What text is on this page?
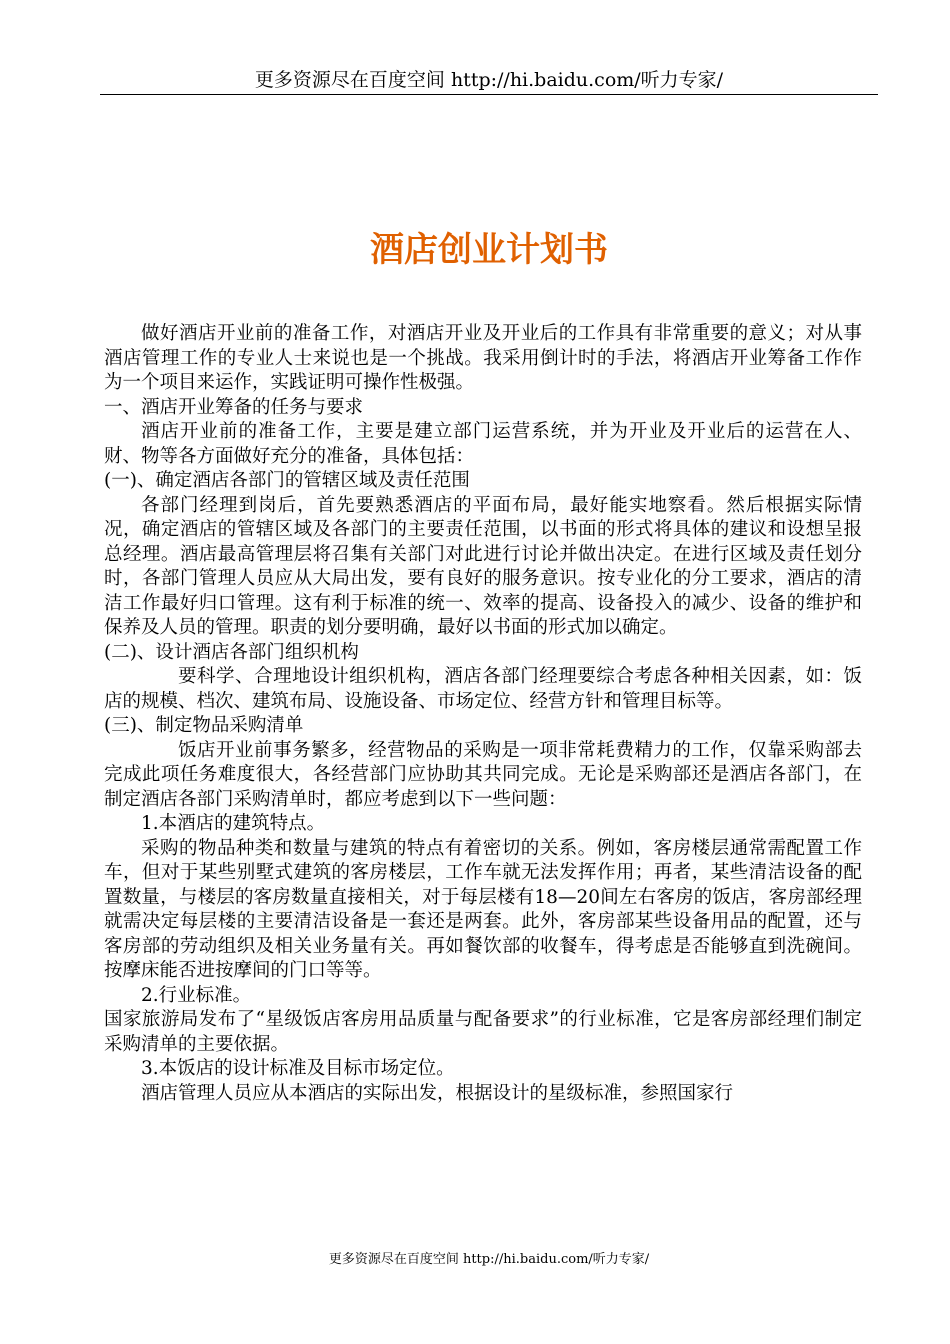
更多资源尽在百度空间 http://hi.baidu.com/听力专家/
酒店创业计划书

做好酒店开业前的准备工作，对酒店开业及开业后的工作具有非常重要的意义；对从事酒店管理工作的专业人士来说也是一个挑战。我采用倒计时的手法，将酒店开业筹备工作作为一个项目来运作，实践证明可操作性极强。

一、酒店开业筹备的任务与要求

酒店开业前的准备工作，主要是建立部门运营系统，并为开业及开业后的运营在人、财、物等各方面做好充分的准备，具体包括：

(一)、确定酒店各部门的管辖区域及责任范围

各部门经理到岗后，首先要熟悉酒店的平面布局，最好能实地察看。然后根据实际情况，确定酒店的管辖区域及各部门的主要责任范围，以书面的形式将具体的建议和设想呈报总经理。酒店最高管理层将召集有关部门对此进行讨论并做出决定。在进行区域及责任划分时，各部门管理人员应从大局出发，要有良好的服务意识。按专业化的分工要求，酒店的清洁工作最好归口管理。这有利于标准的统一、效率的提高、设备投入的减少、设备的维护和保养及人员的管理。职责的划分要明确，最好以书面的形式加以确定。

(二)、设计酒店各部门组织机构

要科学、合理地设计组织机构，酒店各部门经理要综合考虑各种相关因素，如：饭店的规模、档次、建筑布局、设施设备、市场定位、经营方针和管理目标等。

(三)、制定物品采购清单

饭店开业前事务繁多，经营物品的采购是一项非常耗费精力的工作，仅靠采购部去完成此项任务难度很大，各经营部门应协助其共同完成。无论是采购部还是酒店各部门，在制定酒店各部门采购清单时，都应考虑到以下一些问题：

1.本酒店的建筑特点。

采购的物品种类和数量与建筑的特点有着密切的关系。例如，客房楼层通常需配置工作车，但对于某些别墅式建筑的客房楼层，工作车就无法发挥作用；再者，某些清洁设备的配置数量，与楼层的客房数量直接相关，对于每层楼有18—20间左右客房的饭店，客房部经理就需决定每层楼的主要清洁设备是一套还是两套。此外，客房部某些设备用品的配置，还与客房部的劳动组织及相关业务量有关。再如餐饮部的收餐车，得考虑是否能够直到洗碗间。按摩床能否进按摩间的门口等等。

2.行业标准。

国家旅游局发布了“星级饭店客房用品质量与配备要求”的行业标准，它是客房部经理们制定采购清单的主要依据。

3.本饭店的设计标准及目标市场定位。

酒店管理人员应从本酒店的实际出发，根据设计的星级标准，参照国家行

更多资源尽在百度空间 http://hi.baidu.com/听力专家/
